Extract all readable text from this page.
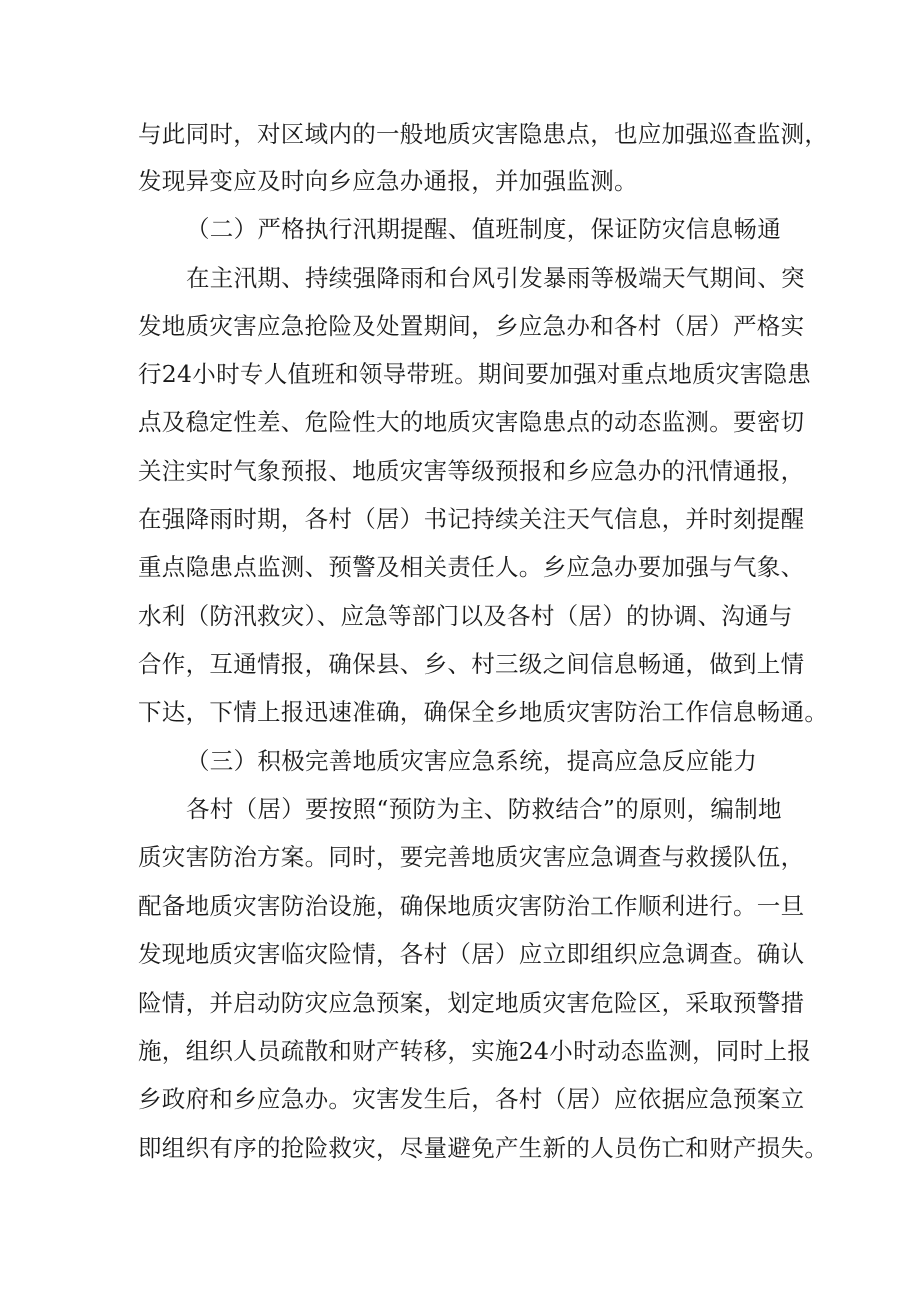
与此同时，对区域内的一般地质灾害隐患点，也应加强巡查监测，
发现异变应及时向乡应急办通报，并加强监测。
（二）严格执行汛期提醒、值班制度，保证防灾信息畅通
在主汛期、持续强降雨和台风引发暴雨等极端天气期间、突
发地质灾害应急抢险及处置期间，乡应急办和各村（居）严格实
行24小时专人值班和领导带班。期间要加强对重点地质灾害隐患
点及稳定性差、危险性大的地质灾害隐患点的动态监测。要密切
关注实时气象预报、地质灾害等级预报和乡应急办的汛情通报，
在强降雨时期，各村（居）书记持续关注天气信息，并时刻提醒
重点隐患点监测、预警及相关责任人。乡应急办要加强与气象、
水利（防汛救灾）、应急等部门以及各村（居）的协调、沟通与
合作，互通情报，确保县、乡、村三级之间信息畅通，做到上情
下达，下情上报迅速准确，确保全乡地质灾害防治工作信息畅通。
（三）积极完善地质灾害应急系统，提高应急反应能力
各村（居）要按照“预防为主、防救结合”的原则，编制地
质灾害防治方案。同时，要完善地质灾害应急调查与救援队伍，
配备地质灾害防治设施，确保地质灾害防治工作顺利进行。一旦
发现地质灾害临灾险情，各村（居）应立即组织应急调查。确认
险情，并启动防灾应急预案，划定地质灾害危险区，采取预警措
施，组织人员疏散和财产转移，实施24小时动态监测，同时上报
乡政府和乡应急办。灾害发生后，各村（居）应依据应急预案立
即组织有序的抢险救灾，尽量避免产生新的人员伤亡和财产损失。
